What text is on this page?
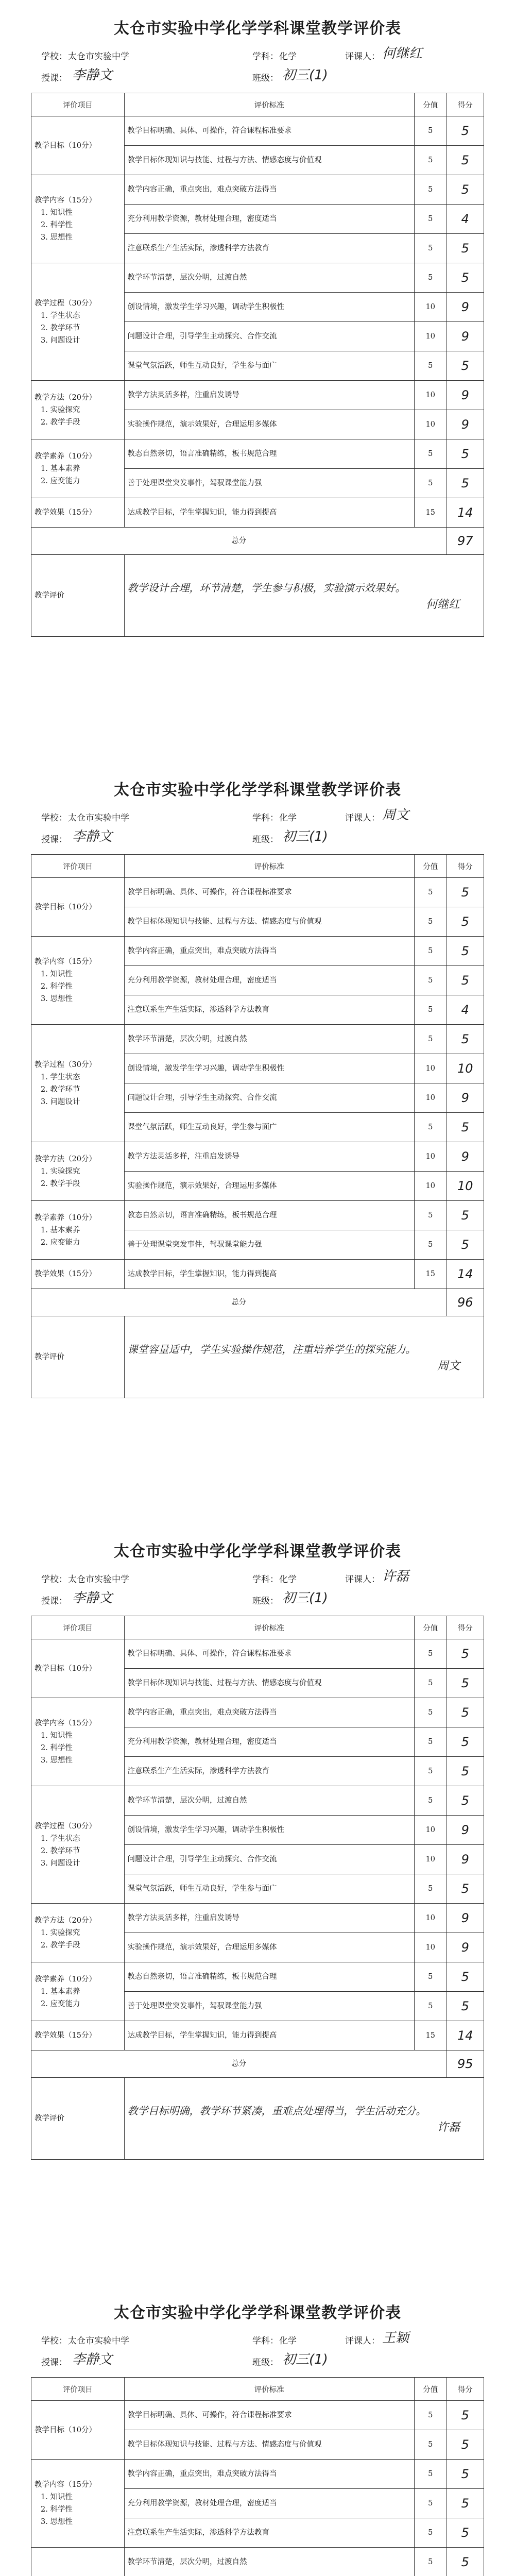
太仓市实验中学化学学科课堂教学评价表
学校： 太仓市实验中学	学科： 化学	评课人： 何继红
授课： 李静文	班级： 初三(1)
评价项目	评价标准	分值	得分
教学目标（10分）	教学目标明确、具体、可操作，符合课程标准要求	5	5
	教学目标体现知识与技能、过程与方法、情感态度与价值观	5	5
教学内容（15分）
1. 知识性
2. 科学性
3. 思想性	教学内容正确，重点突出，难点突破方法得当	5	5
	充分利用教学资源，教材处理合理，密度适当	5	4
	注意联系生产生活实际，渗透科学方法教育	5	5
教学过程（30分）
1. 学生状态
2. 教学环节
3. 问题设计	教学环节清楚，层次分明，过渡自然	5	5
	创设情境，激发学生学习兴趣，调动学生积极性	10	9
	问题设计合理，引导学生主动探究、合作交流	10	9
	课堂气氛活跃，师生互动良好，学生参与面广	5	5
教学方法（20分）
1. 实验探究
2. 教学手段	教学方法灵活多样，注重启发诱导	10	9
	实验操作规范，演示效果好，合理运用多媒体	10	9
教学素养（10分）
1. 基本素养
2. 应变能力	教态自然亲切，语言准确精练，板书规范合理	5	5
	善于处理课堂突发事件，驾驭课堂能力强	5	5
教学效果（15分）	达成教学目标，学生掌握知识，能力得到提高	15	14
总分			97
教学评价	教学设计合理，环节清楚，学生参与积极，实验演示效果好。
何继红		
太仓市实验中学化学学科课堂教学评价表
学校： 太仓市实验中学	学科： 化学	评课人： 周文
授课： 李静文	班级： 初三(1)
评价项目	评价标准	分值	得分
教学目标（10分）	教学目标明确、具体、可操作，符合课程标准要求	5	5
	教学目标体现知识与技能、过程与方法、情感态度与价值观	5	5
教学内容（15分）
1. 知识性
2. 科学性
3. 思想性	教学内容正确，重点突出，难点突破方法得当	5	5
	充分利用教学资源，教材处理合理，密度适当	5	5
	注意联系生产生活实际，渗透科学方法教育	5	4
教学过程（30分）
1. 学生状态
2. 教学环节
3. 问题设计	教学环节清楚，层次分明，过渡自然	5	5
	创设情境，激发学生学习兴趣，调动学生积极性	10	10
	问题设计合理，引导学生主动探究、合作交流	10	9
	课堂气氛活跃，师生互动良好，学生参与面广	5	5
教学方法（20分）
1. 实验探究
2. 教学手段	教学方法灵活多样，注重启发诱导	10	9
	实验操作规范，演示效果好，合理运用多媒体	10	10
教学素养（10分）
1. 基本素养
2. 应变能力	教态自然亲切，语言准确精练，板书规范合理	5	5
	善于处理课堂突发事件，驾驭课堂能力强	5	5
教学效果（15分）	达成教学目标，学生掌握知识，能力得到提高	15	14
总分			96
教学评价	课堂容量适中，学生实验操作规范，注重培养学生的探究能力。
周文		
太仓市实验中学化学学科课堂教学评价表
学校： 太仓市实验中学	学科： 化学	评课人： 许磊
授课： 李静文	班级： 初三(1)
评价项目	评价标准	分值	得分
教学目标（10分）	教学目标明确、具体、可操作，符合课程标准要求	5	5
	教学目标体现知识与技能、过程与方法、情感态度与价值观	5	5
教学内容（15分）
1. 知识性
2. 科学性
3. 思想性	教学内容正确，重点突出，难点突破方法得当	5	5
	充分利用教学资源，教材处理合理，密度适当	5	5
	注意联系生产生活实际，渗透科学方法教育	5	5
教学过程（30分）
1. 学生状态
2. 教学环节
3. 问题设计	教学环节清楚，层次分明，过渡自然	5	5
	创设情境，激发学生学习兴趣，调动学生积极性	10	9
	问题设计合理，引导学生主动探究、合作交流	10	9
	课堂气氛活跃，师生互动良好，学生参与面广	5	5
教学方法（20分）
1. 实验探究
2. 教学手段	教学方法灵活多样，注重启发诱导	10	9
	实验操作规范，演示效果好，合理运用多媒体	10	9
教学素养（10分）
1. 基本素养
2. 应变能力	教态自然亲切，语言准确精练，板书规范合理	5	5
	善于处理课堂突发事件，驾驭课堂能力强	5	5
教学效果（15分）	达成教学目标，学生掌握知识，能力得到提高	15	14
总分			95
教学评价	教学目标明确，教学环节紧凑，重难点处理得当，学生活动充分。
许磊		
太仓市实验中学化学学科课堂教学评价表
学校： 太仓市实验中学	学科： 化学	评课人： 王颖
授课： 李静文	班级： 初三(1)
评价项目	评价标准	分值	得分
教学目标（10分）	教学目标明确、具体、可操作，符合课程标准要求	5	5
	教学目标体现知识与技能、过程与方法、情感态度与价值观	5	5
教学内容（15分）
1. 知识性
2. 科学性
3. 思想性	教学内容正确，重点突出，难点突破方法得当	5	5
	充分利用教学资源，教材处理合理，密度适当	5	5
	注意联系生产生活实际，渗透科学方法教育	5	5

	教学环节清楚，层次分明，过渡自然	5	5
